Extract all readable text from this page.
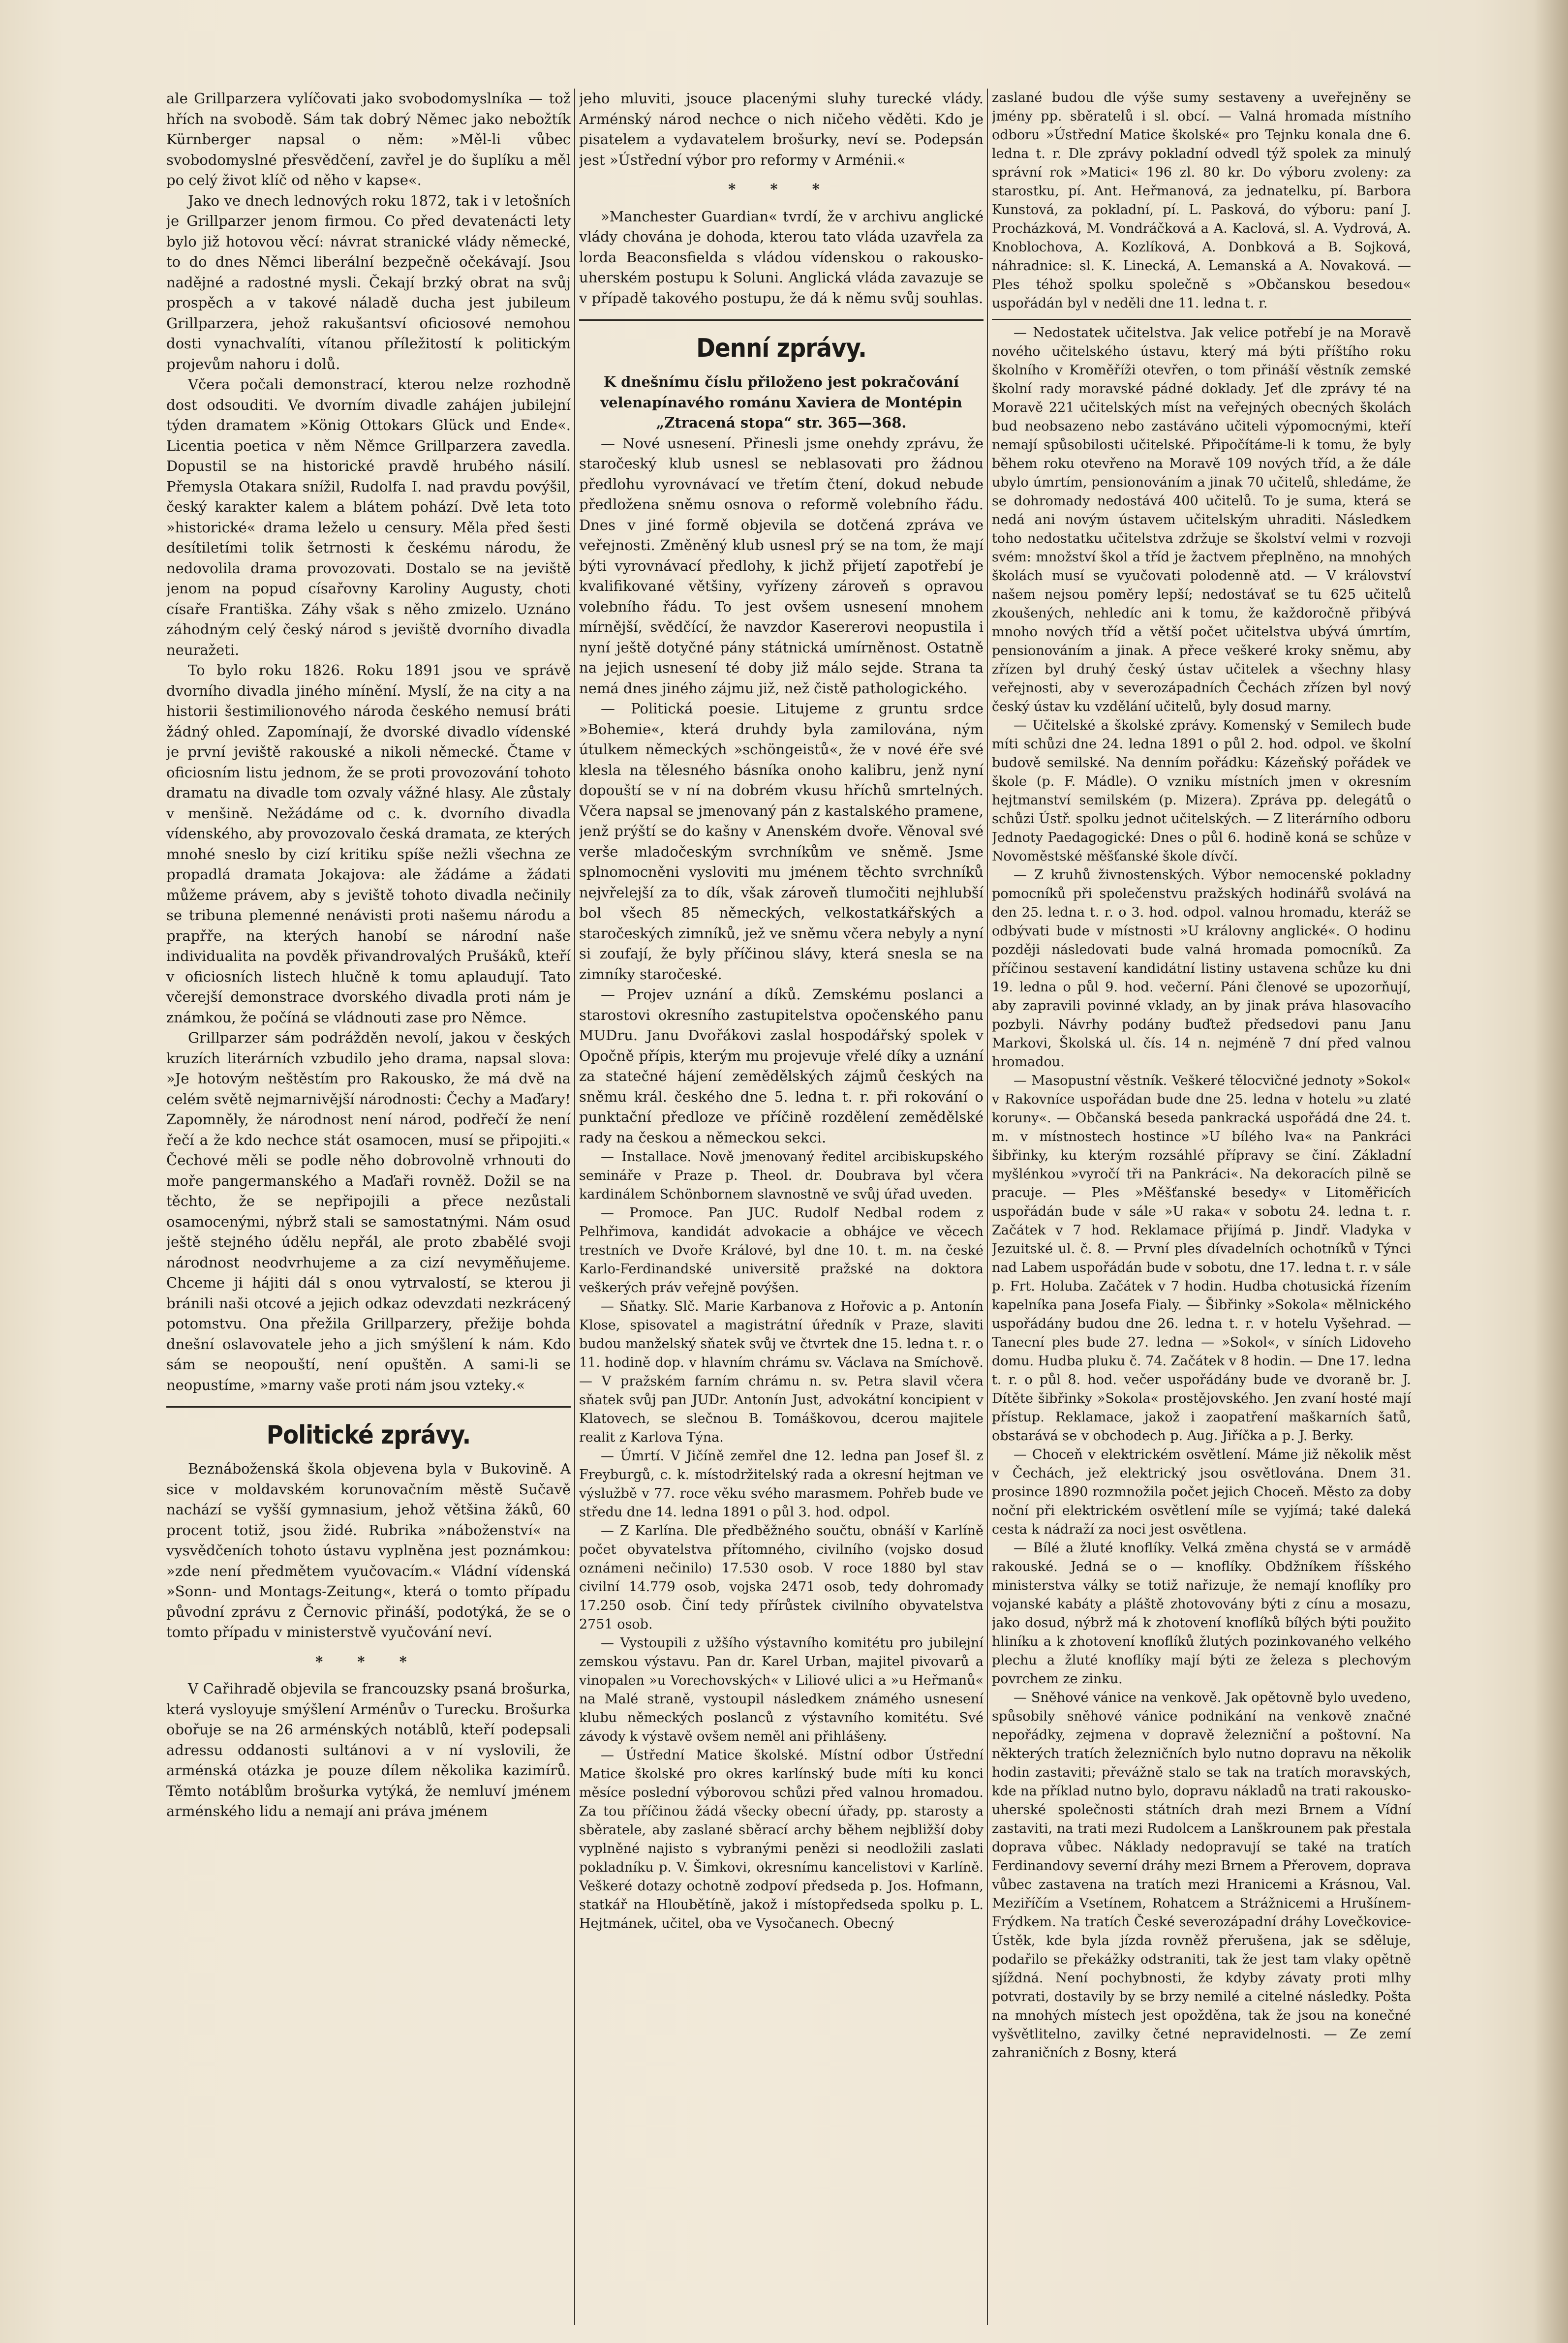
ale Grillparzera vylíčovati jako svobodomyslníka — tož hřích na svobodě. Sám tak dobrý Němec jako nebožtík Kürnberger napsal o něm: »Měl-li vůbec svobodomyslné přesvědčení, zavřel je do šuplíku a měl po celý život klíč od něho v kapse«.

Jako ve dnech lednových roku 1872, tak i v letošních je Grillparzer jenom firmou. Co před devatenácti lety bylo již hotovou věcí: návrat stranické vlády německé, to do dnes Němci liberální bezpečně očekávají. Jsou nadějné a radostné mysli. Čekají brzký obrat na svůj prospěch a v takové náladě ducha jest jubileum Grillparzera, jehož rakušantsví oficiosové nemohou dosti vynachvalíti, vítanou příležitostí k politickým projevům nahoru i dolů.

Včera počali demonstrací, kterou nelze rozhodně dost odsouditi. Ve dvorním divadle zahájen jubilejní týden dramatem »König Ottokars Glück und Ende«. Licentia poetica v něm Němce Grillparzera zavedla. Dopustil se na historické pravdě hrubého násilí. Přemysla Otakara snížil, Rudolfa I. nad pravdu povýšil, český karakter kalem a blátem pohází. Dvě leta toto »historické« drama leželo u censury. Měla před šesti desítiletími tolik šetrnosti k českému národu, že nedovolila drama provozovati. Dostalo se na jeviště jenom na popud císařovny Karoliny Augusty, choti císaře Františka. Záhy však s něho zmizelo. Uznáno záhodným celý český národ s jeviště dvorního divadla neuražeti.

To bylo roku 1826. Roku 1891 jsou ve správě dvorního divadla jiného mínění. Myslí, že na city a na historii šestimilionového národa českého nemusí bráti žádný ohled. Zapomínají, že dvorské divadlo vídenské je první jeviště rakouské a nikoli německé. Čtame v oficiosním listu jednom, že se proti provozování tohoto dramatu na divadle tom ozvaly vážné hlasy. Ale zůstaly v menšině. Nežádáme od c. k. dvorního divadla vídenského, aby provozovalo česká dramata, ze kterých mnohé sneslo by cizí kritiku spíše nežli všechna ze propadlá dramata Jokajova: ale žádáme a žádati můžeme právem, aby s jeviště tohoto divadla nečinily se tribuna plemenné nenávisti proti našemu národu a prapřře, na kterých hanobí se národní naše individualita na povděk přivandrovalých Prušáků, kteří v oficiosních listech hlučně k tomu aplaudují. Tato včerejší demonstrace dvorského divadla proti nám je známkou, že počíná se vládnouti zase pro Němce.

Grillparzer sám podrážděn nevolí, jakou v českých kruzích literárních vzbudilo jeho drama, napsal slova: »Je hotovým neštěstím pro Rakousko, že má dvě na celém světě nejmarnivější národnosti: Čechy a Maďary! Zapomněly, že národnost není národ, podřečí že není řečí a že kdo nechce stát osamocen, musí se připojiti.« Čechové měli se podle něho dobrovolně vrhnouti do moře pangermanského a Maďaři rovněž. Dožil se na těchto, že se nepřipojili a přece nezůstali osamocenými, nýbrž stali se samostatnými. Nám osud ještě stejného údělu nepřál, ale proto zbabělé svoji národnost neodvrhujeme a za cizí nevyměňujeme. Chceme ji hájiti dál s onou vytrvalostí, se kterou ji bránili naši otcové a jejich odkaz odevzdati nezkrácený potomstvu. Ona přežila Grillparzery, přežije bohda dnešní oslavovatele jeho a jich smýšlení k nám. Kdo sám se neopouští, není opuštěn. A sami-li se neopustíme, »marny vaše proti nám jsou vztekу.«

Politické zprávy.

Beznáboženská škola objevena byla v Bukovině. A sice v moldavském korunovačním městě Sučavě nachází se vyšší gymnasium, jehož většina žáků, 60 procent totiž, jsou židé. Rubrika »náboženství« na vysvědčeních tohoto ústavu vyplněna jest poznámkou: »zde není předmětem vyučovacím.« Vládní vídenská »Sonn- und Montags-Zeitung«, která o tomto případu původní zprávu z Černovic přináší, podotýká, že se o tomto případu v ministerstvě vyučování neví.

* * *

V Cařihradě objevila se francouzsky psaná brošurka, která vysloyuje smýšlení Arménův o Turecku. Brošurka obořuje se na 26 arménských notáblů, kteří podepsali adressu oddanosti sultánovi a v ní vyslovili, že arménská otázka je pouze dílem několika kazimírů. Těmto notáblům brošurka vytýká, že nemluví jménem arménského lidu a nemají ani práva jménem

jeho mluviti, jsouce placenými sluhy turecké vlády. Arménský národ nechce o nich ničeho věděti. Kdo je pisatelem a vydavatelem brošurky, neví se. Podepsán jest »Ústřední výbor pro reformy v Arménii.«

* * *

»Manchester Guardian« tvrdí, že v archivu anglické vlády chována je dohoda, kterou tato vláda uzavřela za lorda Beaconsfielda s vládou vídenskou o rakousko-uherském postupu k Soluni. Anglická vláda zavazuje se v případě takového postupu, že dá k němu svůj souhlas.

Denní zprávy.

K dnešnímu číslu přiloženo jest pokračování velenapínavého románu Xaviera de Montépin „Ztracená stopa“ str. 365—368.

— Nové usnesení. Přinesli jsme onehdy zprávu, že staročeský klub usnesl se neblasovati pro žádnou předlohu vyrovnávací ve třetím čtení, dokud nebude předložena sněmu osnova o reformě volebního řádu. Dnes v jiné formě objevila se dotčená zpráva ve veřejnosti. Změněný klub usnesl prý se na tom, že mají býti vyrovnávací předlohy, k jichž přijetí zapotřebí je kvalifikované většiny, vyřízeny zároveň s opravou volebního řádu. To jest ovšem usnesení mnohem mírnější, svědčící, že navzdor Kasererovi neopustila i nyní ještě dotyčné pány státnická umírněnost. Ostatně na jejich usnesení té doby již málo sejde. Strana ta nemá dnes jiného zájmu již, než čistě pathologického.

— Politická poesie. Litujeme z gruntu srdce »Bohemie«, která druhdy byla zamilována, ným útulkem německých »schöngeistů«, že v nové éře své klesla na tělesného básníka onoho kalibru, jenž nyní dopouští se v ní na dobrém vkusu hříchů smrtelných. Včera napsal se jmenovaný pán z kastalského pramene, jenž prýští se do kašny v Anenském dvoře. Věnoval své verše mladočeským svrchníkům ve sněmě. Jsme splnomocněni vysloviti mu jménem těchto svrchníků nejvřelejší za to dík, však zároveň tlumočiti nejhlubší bol všech 85 německých, velkostatkářských a staročeských zimníků, jež ve sněmu včera nebyly a nyní si zoufají, že byly příčinou slávy, která snesla se na zimníky staročeské.

— Projev uznání a díků. Zemskému poslanci a starostovi okresního zastupitelstva opočenského panu MUDru. Janu Dvořákovi zaslal hospodářský spolek v Opočně přípis, kterým mu projevuje vřelé díky a uznání za statečné hájení zemědělských zájmů českých na sněmu král. českého dne 5. ledna t. r. při rokování o punktační předloze ve příčině rozdělení zemědělské rady na českou a německou sekci.

— Installace. Nově jmenovaný ředitel arcibiskupského semináře v Praze p. Theol. dr. Doubrava byl včera kardinálem Schönbornem slavnostně ve svůj úřad uveden.

— Promoce. Pan JUC. Rudolf Nedbal rodem z Pelhřimova, kandidát advokacie a obhájce ve věcech trestních ve Dvoře Králové, byl dne 10. t. m. na české Karlo-Ferdinandské universitě pražské na doktora veškerých práv veřejně povýšen.

— Sňatky. Slč. Marie Karbanova z Hořovic a p. Antonín Klose, spisovatel a magistrátní úředník v Praze, slaviti budou manželský sňatek svůj ve čtvrtek dne 15. ledna t. r. o 11. hodině dop. v hlavním chrámu sv. Václava na Smíchově. — V pražském farním chrámu n. sv. Petra slavil včera sňatek svůj pan JUDr. Antonín Just, advokátní koncipient v Klatovech, se slečnou B. Tomáškovou, dcerou majitele realit z Karlova Týna.

— Úmrtí. V Jičíně zemřel dne 12. ledna pan Josef šl. z Freyburgů, c. k. místodržitelský rada a okresní hejtman ve výslužbě v 77. roce věku svého marasmem. Pohřeb bude ve středu dne 14. ledna 1891 o půl 3. hod. odpol.

— Z Karlína. Dle předběžného součtu, obnáší v Karlíně počet obyvatelstva přítomného, civilního (vojsko dosud oznámeni nečinilo) 17.530 osob. V roce 1880 byl stav civilní 14.779 osob, vojska 2471 osob, tedy dohromady 17.250 osob. Činí tedy přírůstek civilního obyvatelstva 2751 osob.

— Vystoupili z užšího výstavního komitétu pro jubilejní zemskou výstavu. Pan dr. Karel Urban, majitel pivovarů a vinopalen »u Vorechovských« v Liliové ulici a »u Heřmanů« na Malé straně, vystoupil následkem známého usnesení klubu německých poslanců z výstavního komitétu. Své závody k výstavě ovšem neměl ani přihlášeny.

— Ústřední Matice školské. Místní odbor Ústřední Matice školské pro okres karlínský bude míti ku konci měsíce poslední výborovou schůzi před valnou hromadou. Za tou příčinou žádá všecky obecní úřady, pp. starosty a sběratele, aby zaslané sběrací archy během nejbližší doby vyplněné najisto s vybranými penězi si neodložili zaslati pokladníku p. V. Šimkovi, okresnímu kancelistovi v Karlíně. Veškeré dotazy ochotně zodpoví předseda p. Jos. Hofmann, statkář na Hloubětíně, jakož i místopředseda spolku p. L. Hejtmánek, učitel, oba ve Vysočanech. Obecný

zaslané budou dle výše sumy sestaveny a uveřejněny se jmény pp. sběratelů i sl. obcí. — Valná hromada místního odboru »Ústřední Matice školské« pro Tejnku konala dne 6. ledna t. r. Dle zprávy pokladní odvedl týž spolek za minulý správní rok »Matici« 196 zl. 80 kr. Do výboru zvoleny: za starostku, pí. Ant. Heřmanová, za jednatelku, pí. Barbora Kunstová, za pokladní, pí. L. Pasková, do výboru: paní J. Procházková, M. Vondráčková a A. Kaclová, sl. A. Vydrová, A. Knoblochova, A. Kozlíková, A. Donbková a B. Sojková, náhradnice: sl. K. Linecká, A. Lemanská a A. Novaková. — Ples téhož spolku společně s »Občanskou besedou« uspořádán byl v neděli dne 11. ledna t. r.

— Nedostatek učitelstva. Jak velice potřebí je na Moravě nového učitelského ústavu, který má býti příštího roku školního v Kroměříži otevřen, o tom přináší věstník zemské školní rady moravské pádné doklady. Jeť dle zprávy té na Moravě 221 učitelských míst na veřejných obecných školách bud neobsazeno nebo zastáváno učiteli výpomocnými, kteří nemají spůsobilosti učitelské. Připočítáme-li k tomu, že byly během roku otevřeno na Moravě 109 nových tříd, a že dále ubylo úmrtím, pensionováním a jinak 70 učitelů, shledáme, že se dohromady nedostává 400 učitelů. To je suma, která se nedá ani novým ústavem učitelským uhraditi. Následkem toho nedostatku učitelstva zdržuje se školství velmi v rozvoji svém: množství škol a tříd je žactvem přeplněno, na mnohých školách musí se vyučovati polodenně atd. — V království našem nejsou poměry lepší; nedostávať se tu 625 učitelů zkoušených, nehledíc ani k tomu, že každoročně přibývá mnoho nových tříd a větší počet učitelstva ubývá úmrtím, pensionováním a jinak. A přece veškeré kroky sněmu, aby zřízen byl druhý český ústav učitelek a všechny hlasy veřejnosti, aby v severozápadních Čechách zřízen byl nový český ústav ku vzdělání učitelů, byly dosud marny.

— Učitelské a školské zprávy. Komenský v Semilech bude míti schůzi dne 24. ledna 1891 o půl 2. hod. odpol. ve školní budově semilské. Na denním pořádku: Kázeňský pořádek ve škole (p. F. Mádle). O vzniku místních jmen v okresním hejtmanství semilském (p. Mizera). Zpráva pp. delegátů o schůzi Ústř. spolku jednot učitelských. — Z literárního odboru Jednoty Paedagogické: Dnes o půl 6. hodině koná se schůze v Novoměstské měšťanské škole dívčí.

— Z kruhů živnostenských. Výbor nemocenské pokladny pomocníků při společenstvu pražských hodinářů svolává na den 25. ledna t. r. o 3. hod. odpol. valnou hromadu, kteráž se odbývati bude v místnosti »U královny anglické«. O hodinu později následovati bude valná hromada pomocníků. Za příčinou sestavení kandidátní listiny ustavena schůze ku dni 19. ledna o půl 9. hod. večerní. Páni členové se upozorňují, aby zapravili povinné vklady, an by jinak práva hlasovacího pozbyli. Návrhy podány buďtež předsedovi panu Janu Markovi, Školská ul. čís. 14 n. nejméně 7 dní před valnou hromadou.

— Masopustní věstník. Veškeré tělocvičné jednoty »Sokol« v Rakovníce uspořádan bude dne 25. ledna v hotelu »u zlaté koruny«. — Občanská beseda pankracká uspořádá dne 24. t. m. v místnostech hostince »U bílého lva« na Pankráci šibřinky, ku kterým rozsáhlé přípravy se činí. Základní myšlénkou »vyročí tři na Pankráci«. Na dekoracích pilně se pracuje. — Ples »Měšťanské besedy« v Litoměřicích uspořádán bude v sále »U raka« v sobotu 24. ledna t. r. Začátek v 7 hod. Reklamace přijímá p. Jindř. Vladyka v Jezuitské ul. č. 8. — První ples dívadelních ochotníků v Týnci nad Labem uspořádán bude v sobotu, dne 17. ledna t. r. v sále p. Frt. Holuba. Začátek v 7 hodin. Hudba chotusická řízením kapelníka pana Josefa Fialy. — Šibřinky »Sokola« mělnického uspořádány budou dne 26. ledna t. r. v hotelu Vyšehrad. — Tanecní ples bude 27. ledna — »Sokol«, v síních Lidoveho domu. Hudba pluku č. 74. Začátek v 8 hodin. — Dne 17. ledna t. r. o půl 8. hod. večer uspořádány bude ve dvoraně br. J. Dítěte šibřinky »Sokola« prostějovského. Jen zvaní hosté mají přístup. Reklamace, jakož i zaopatření maškarních šatů, obstarává se v obchodech p. Aug. Jiříčka a p. J. Berky.

— Choceň v elektrickém osvětlení. Máme již několik měst v Čechách, jež elektrický jsou osvětlována. Dnem 31. prosince 1890 rozmnožila počet jejich Choceň. Město za doby noční při elektrickém osvětlení míle se vyjímá; také daleká cesta k nádraží za noci jest osvětlena.

— Bílé a žluté knoflíky. Velká změna chystá se v armádě rakouské. Jedná se o — knoflíky. Obdžníkem říšského ministerstva války se totiž nařizuje, že nemají knoflíky pro vojanské kabáty a pláště zhotovovány býti z cínu a mosazu, jako dosud, nýbrž má k zhotovení knoflíků bílých býti použito hliníku a k zhotovení knoflíků žlutých pozinkovaného velkého plechu a žluté knoflíky mají býti ze železa s plechovým povrchem ze zinku.

— Sněhové vánice na venkově. Jak opětovně bylo uvedeno, spůsobily sněhové vánice podnikání na venkově značné nepořádky, zejmena v dopravě železniční a poštovní. Na některých tratích železničních bylo nutno dopravu na několik hodin zastaviti; převážně stalo se tak na tratích moravských, kde na příklad nutno bylo, dopravu nákladů na trati rakousko-uherské společnosti státních drah mezi Brnem a Vídní zastaviti, na trati mezi Rudolcem a Lanškrounem pak přestala doprava vůbec. Náklady nedopravují se také na tratích Ferdinandovy severní dráhy mezi Brnem a Přerovem, doprava vůbec zastavena na tratích mezi Hranicemi a Krásnou, Val. Meziříčím a Vsetínem, Rohatcem a Strážnicemi a Hrušínem-Frýdkem. Na tratích České severozápadní dráhy Lovečkovice-Ústěk, kde byla jízda rovněž přerušena, jak se sděluje, podařilo se překážky odstraniti, tak že jest tam vlaky opětně sjíždná. Není pochybnosti, že kdyby závaty proti mlhy potvrati, dostavily by se brzy nemilé a citelné následky. Pošta na mnohých místech jest opožděna, tak že jsou na konečné vyšvětlitelno, zavilky četné nepravidelnosti. — Ze zemí zahraničních z Bosny, která
